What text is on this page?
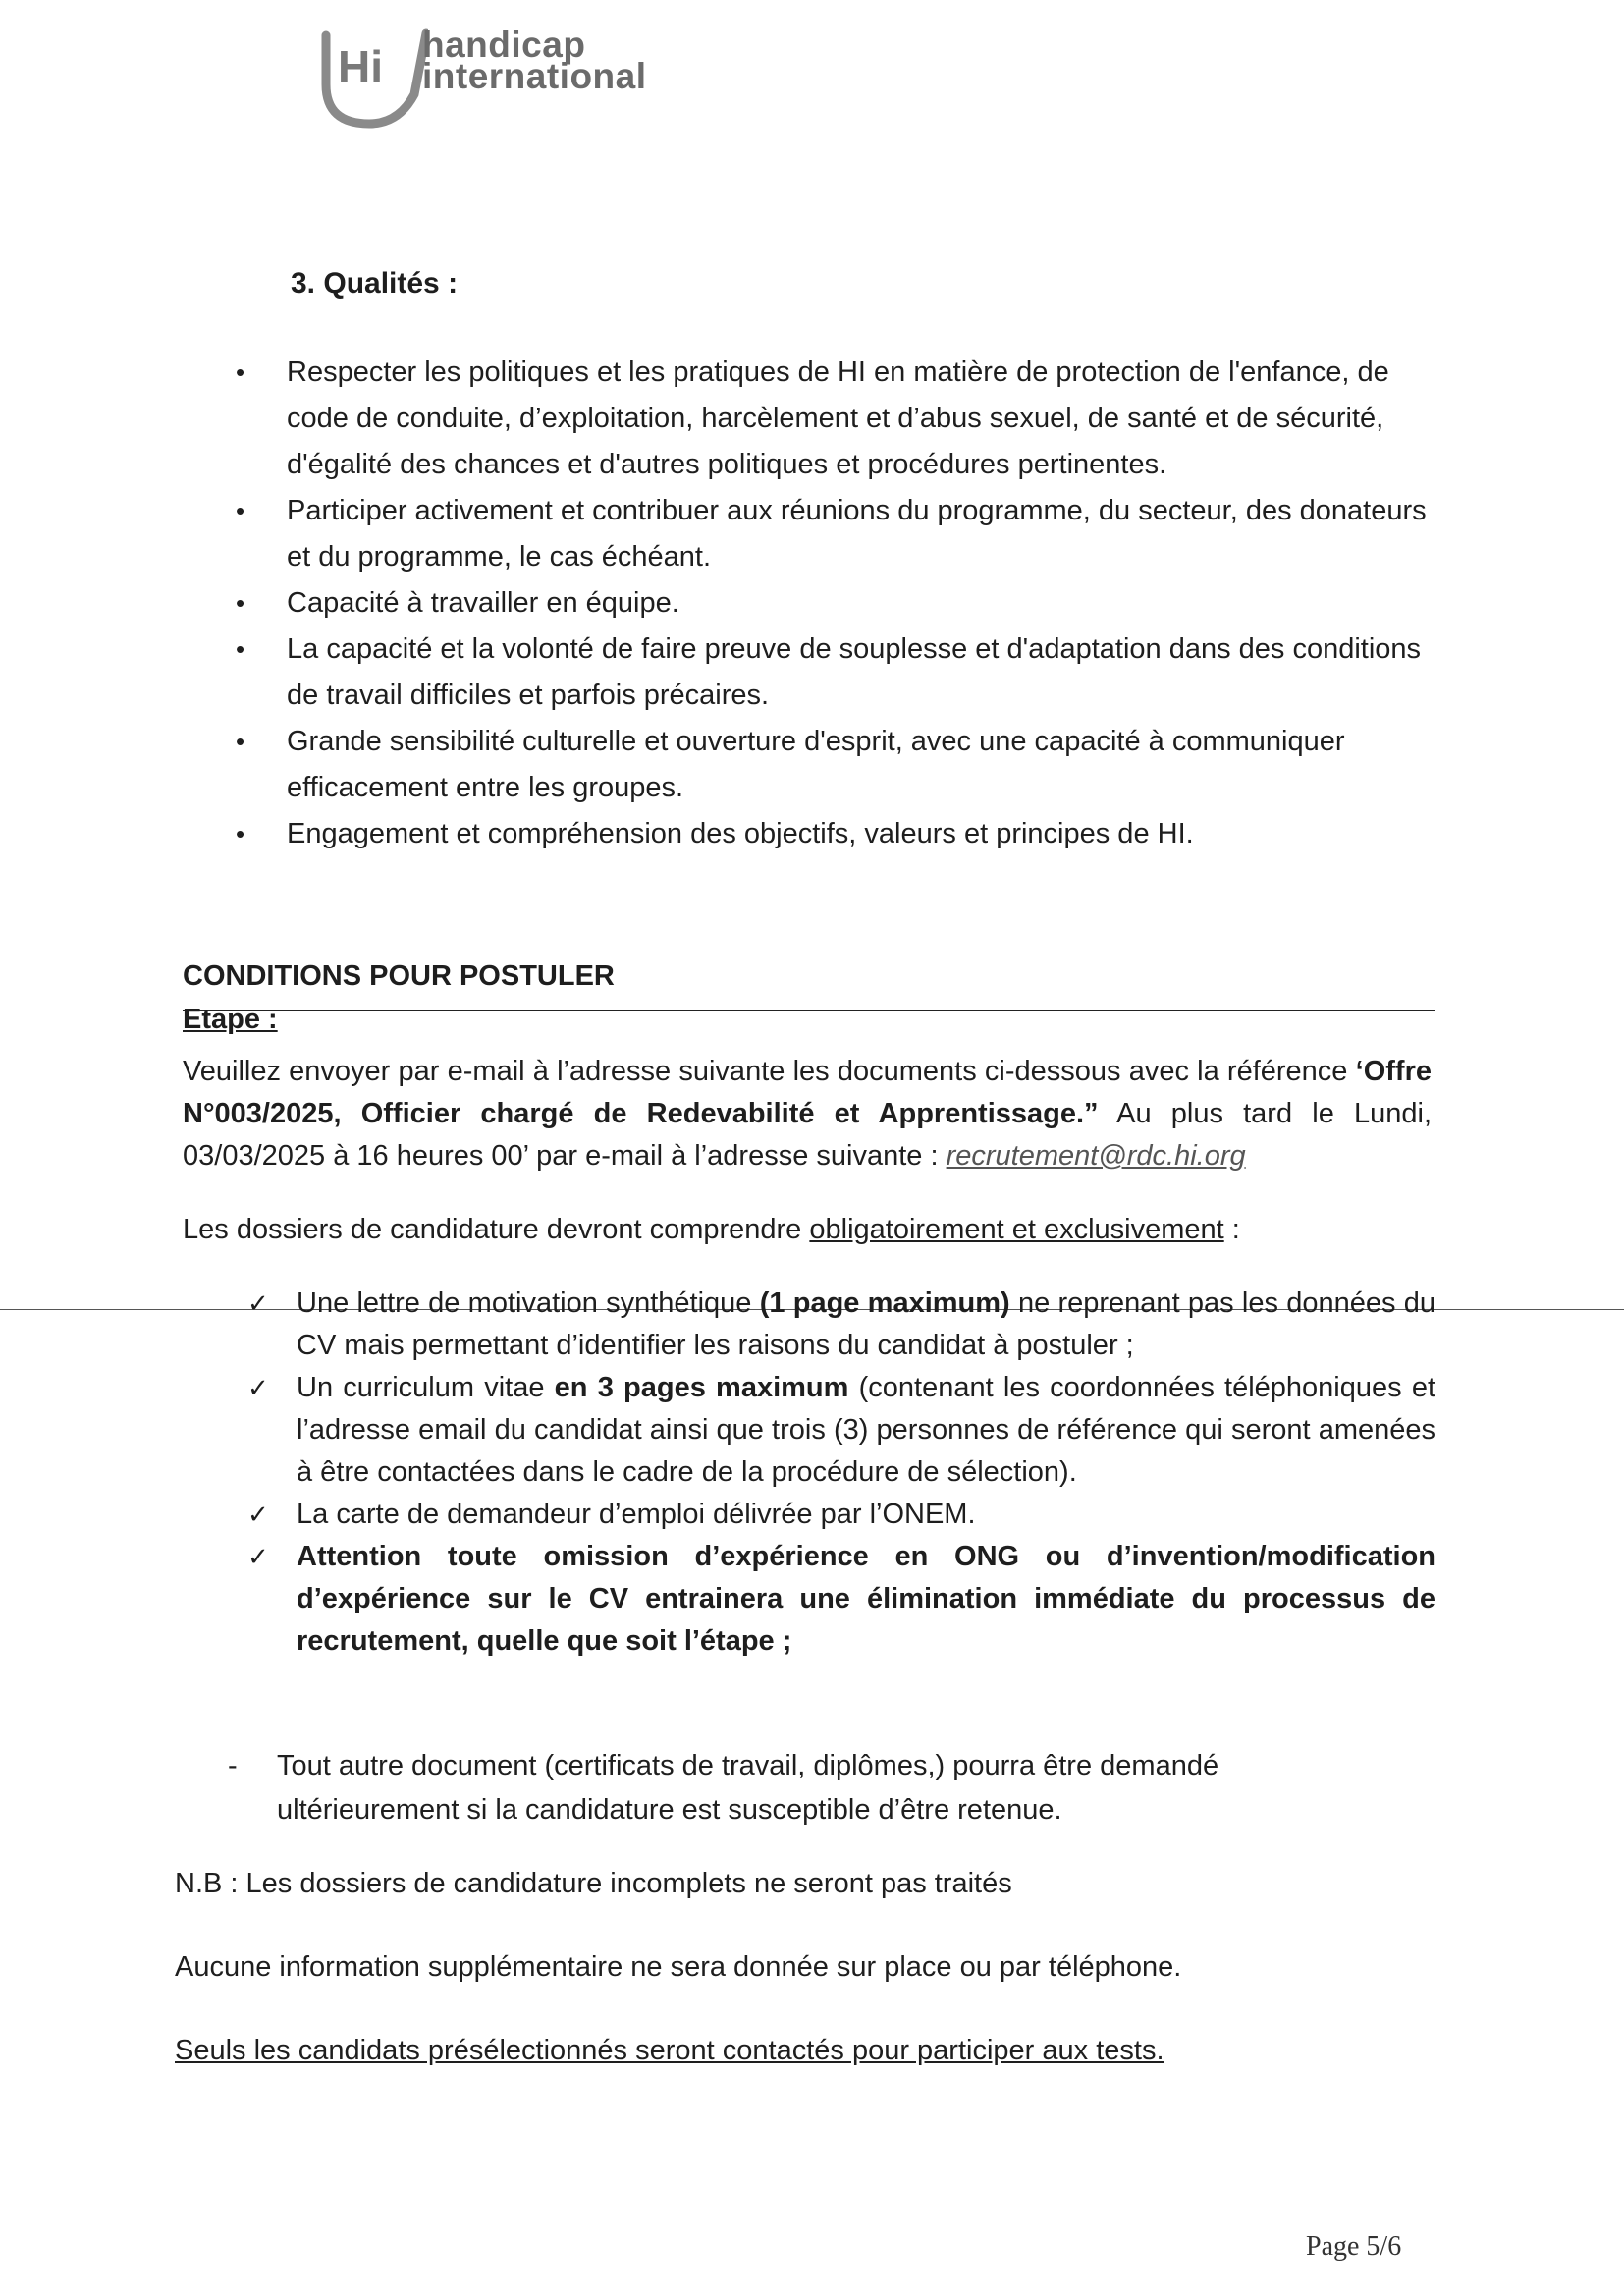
Hi handicap
international
3. Qualités :
• Respecter les politiques et les pratiques de HI en matière de protection de l'enfance, de code de conduite, d’exploitation, harcèlement et d’abus sexuel, de santé et de sécurité, d'égalité des chances et d'autres politiques et procédures pertinentes.
• Participer activement et contribuer aux réunions du programme, du secteur, des donateurs et du programme, le cas échéant.
• Capacité à travailler en équipe.
• La capacité et la volonté de faire preuve de souplesse et d'adaptation dans des conditions de travail difficiles et parfois précaires.
• Grande sensibilité culturelle et ouverture d'esprit, avec une capacité à communiquer efficacement entre les groupes.
• Engagement et compréhension des objectifs, valeurs et principes de HI.
CONDITIONS POUR POSTULER
Etape :
Veuillez envoyer par e-mail à l’adresse suivante les documents ci-dessous avec la référence ‘Offre N°003/2025, Officier chargé de Redevabilité et Apprentissage.” Au plus tard le Lundi, 03/03/2025 à 16 heures 00’ par e-mail à l’adresse suivante : recrutement@rdc.hi.org
Les dossiers de candidature devront comprendre obligatoirement et exclusivement :
✓ Une lettre de motivation synthétique (1 page maximum) ne reprenant pas les données du CV mais permettant d’identifier les raisons du candidat à postuler ;
✓ Un curriculum vitae en 3 pages maximum (contenant les coordonnées téléphoniques et l’adresse email du candidat ainsi que trois (3) personnes de référence qui seront amenées à être contactées dans le cadre de la procédure de sélection).
✓ La carte de demandeur d’emploi délivrée par l’ONEM.
✓ Attention toute omission d’expérience en ONG ou d’invention/modification d’expérience sur le CV entrainera une élimination immédiate du processus de recrutement, quelle que soit l’étape ;
- Tout autre document (certificats de travail, diplômes,) pourra être demandé ultérieurement si la candidature est susceptible d’être retenue.
N.B : Les dossiers de candidature incomplets ne seront pas traités
Aucune information supplémentaire ne sera donnée sur place ou par téléphone.
Seuls les candidats présélectionnés seront contactés pour participer aux tests.
Page 5/6
